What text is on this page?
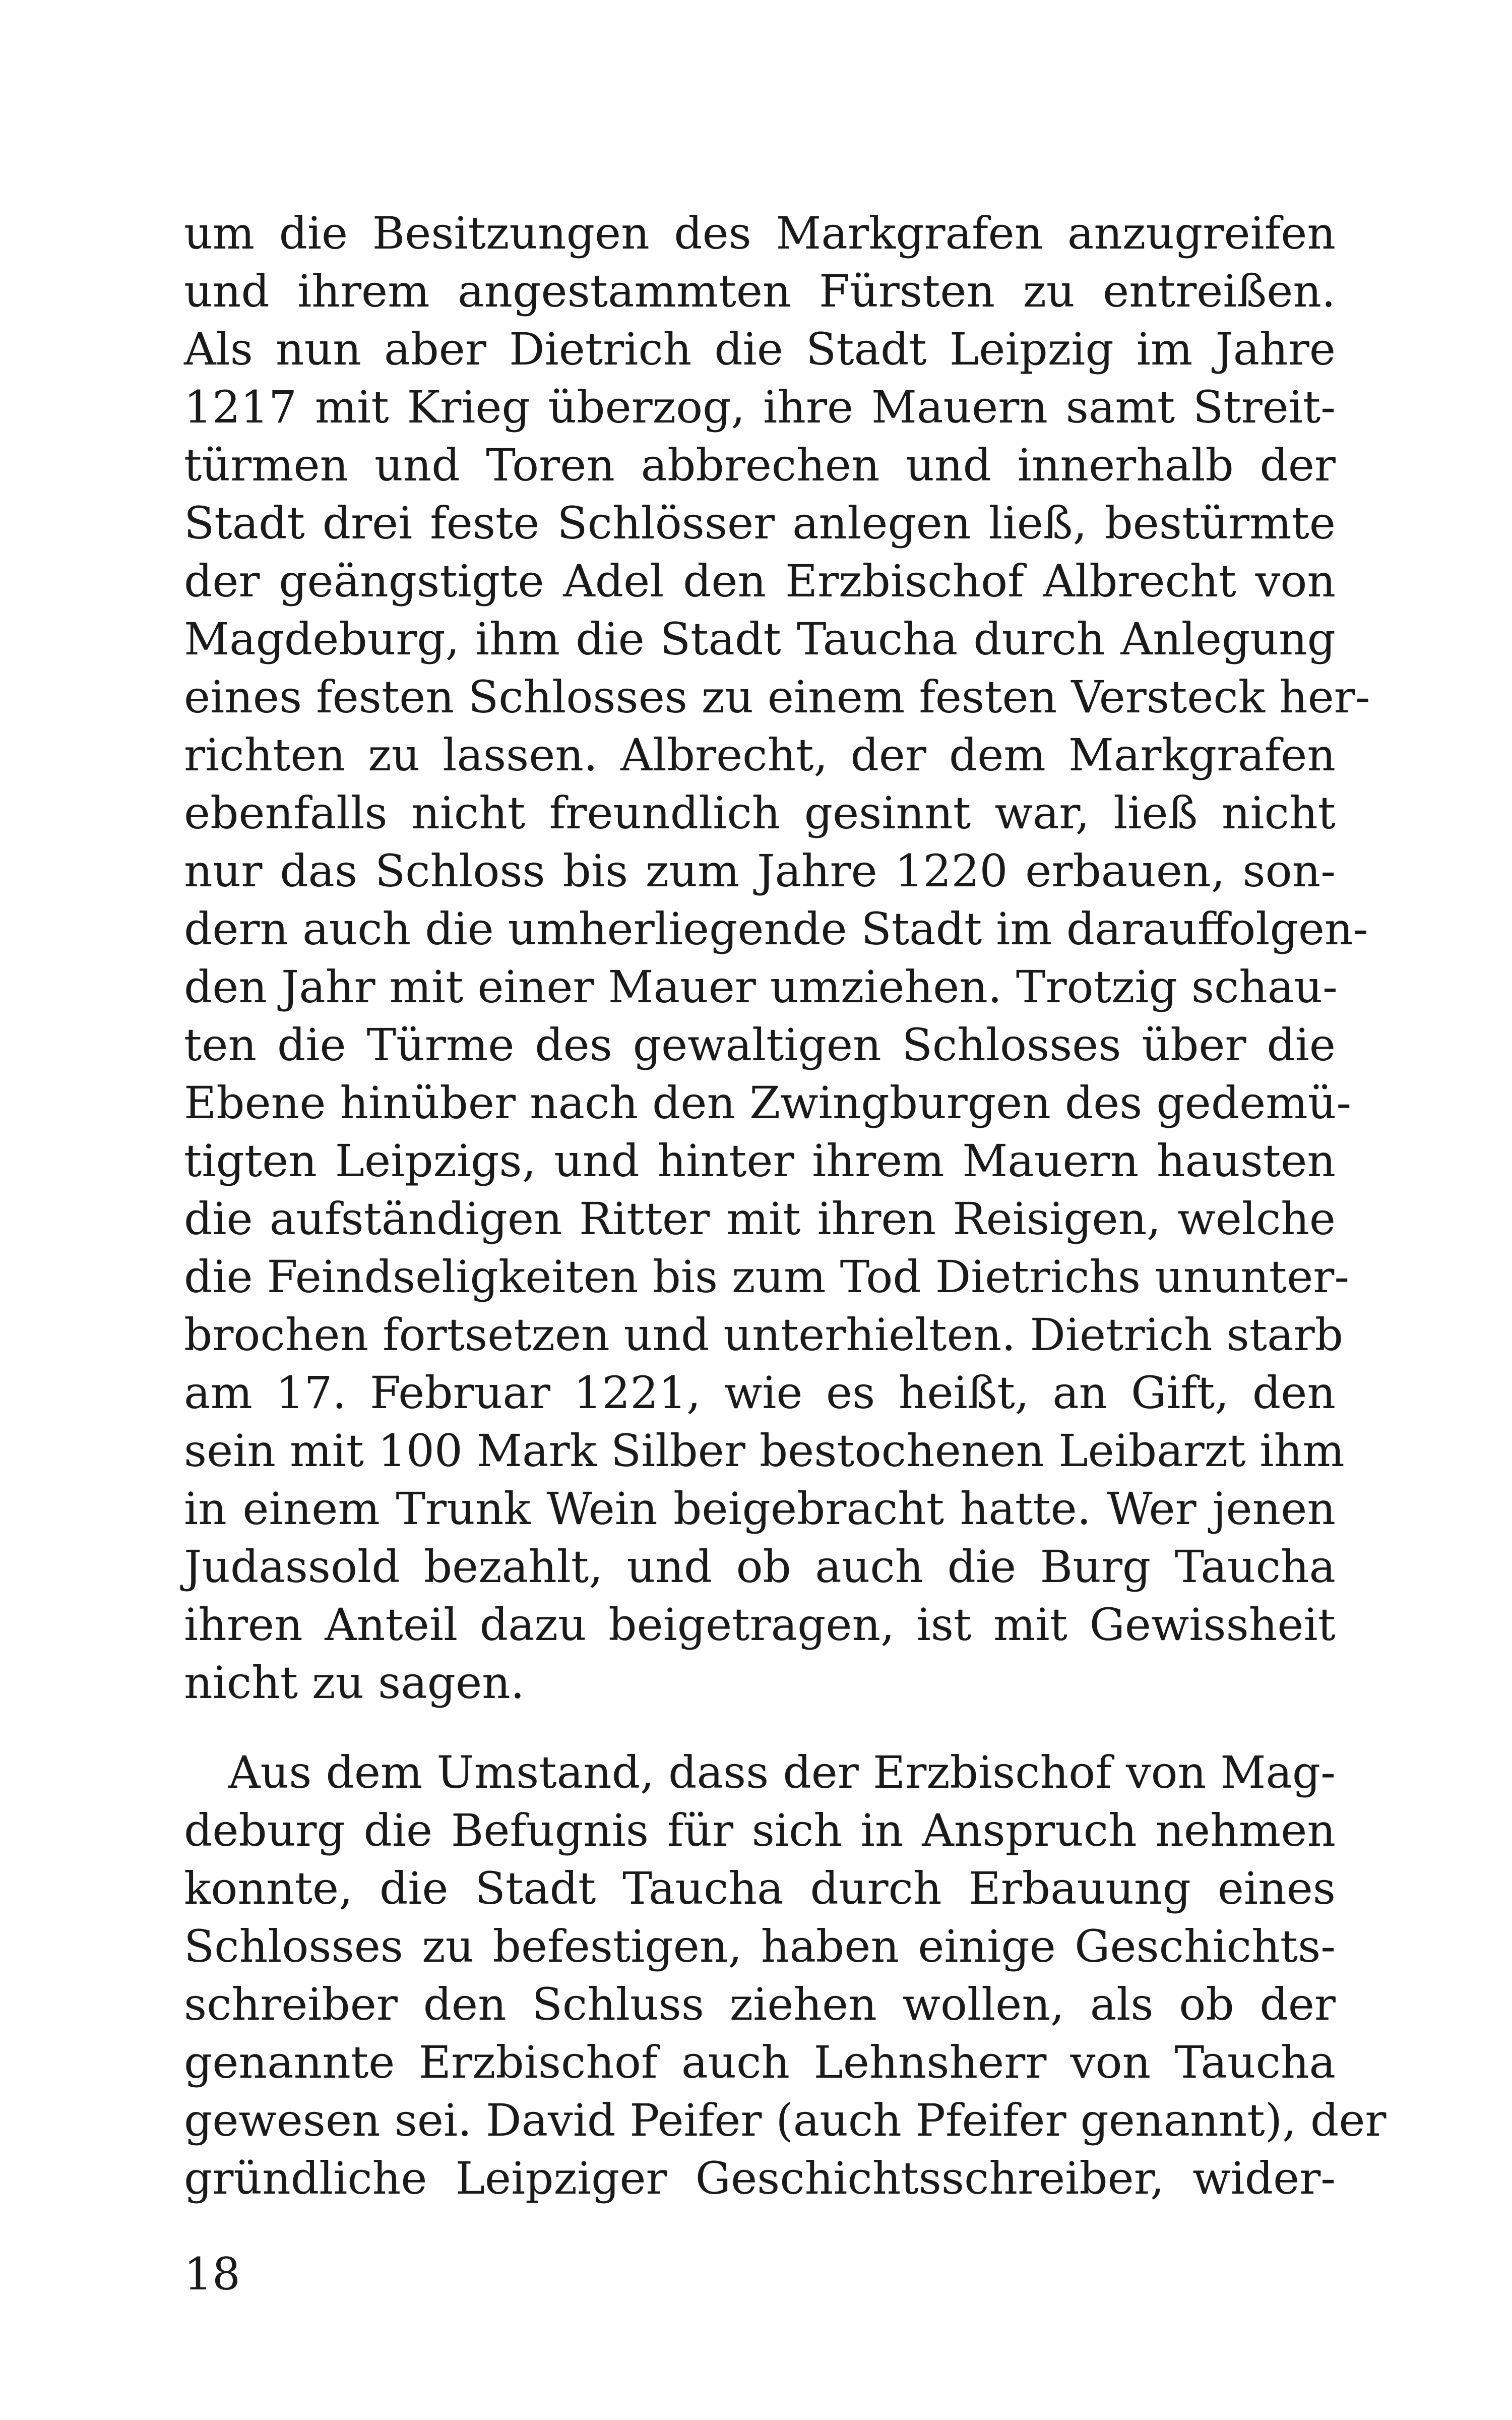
um die Besitzungen des Markgrafen anzugreifen
und ihrem angestammten Fürsten zu entreißen.
Als nun aber Dietrich die Stadt Leipzig im Jahre
1217 mit Krieg überzog, ihre Mauern samt Streit-
türmen und Toren abbrechen und innerhalb der
Stadt drei feste Schlösser anlegen ließ, bestürmte
der geängstigte Adel den Erzbischof Albrecht von
Magdeburg, ihm die Stadt Taucha durch Anlegung
eines festen Schlosses zu einem festen Versteck her-
richten zu lassen. Albrecht, der dem Markgrafen
ebenfalls nicht freundlich gesinnt war, ließ nicht
nur das Schloss bis zum Jahre 1220 erbauen, son-
dern auch die umherliegende Stadt im darauffolgen-
den Jahr mit einer Mauer umziehen. Trotzig schau-
ten die Türme des gewaltigen Schlosses über die
Ebene hinüber nach den Zwingburgen des gedemü-
tigten Leipzigs, und hinter ihrem Mauern hausten
die aufständigen Ritter mit ihren Reisigen, welche
die Feindseligkeiten bis zum Tod Dietrichs ununter-
brochen fortsetzen und unterhielten. Dietrich starb
am 17. Februar 1221, wie es heißt, an Gift, den
sein mit 100 Mark Silber bestochenen Leibarzt ihm
in einem Trunk Wein beigebracht hatte. Wer jenen
Judassold bezahlt, und ob auch die Burg Taucha
ihren Anteil dazu beigetragen, ist mit Gewissheit
nicht zu sagen.
Aus dem Umstand, dass der Erzbischof von Mag-
deburg die Befugnis für sich in Anspruch nehmen
konnte, die Stadt Taucha durch Erbauung eines
Schlosses zu befestigen, haben einige Geschichts-
schreiber den Schluss ziehen wollen, als ob der
genannte Erzbischof auch Lehnsherr von Taucha
gewesen sei. David Peifer (auch Pfeifer genannt), der
gründliche Leipziger Geschichtsschreiber, wider-
18
